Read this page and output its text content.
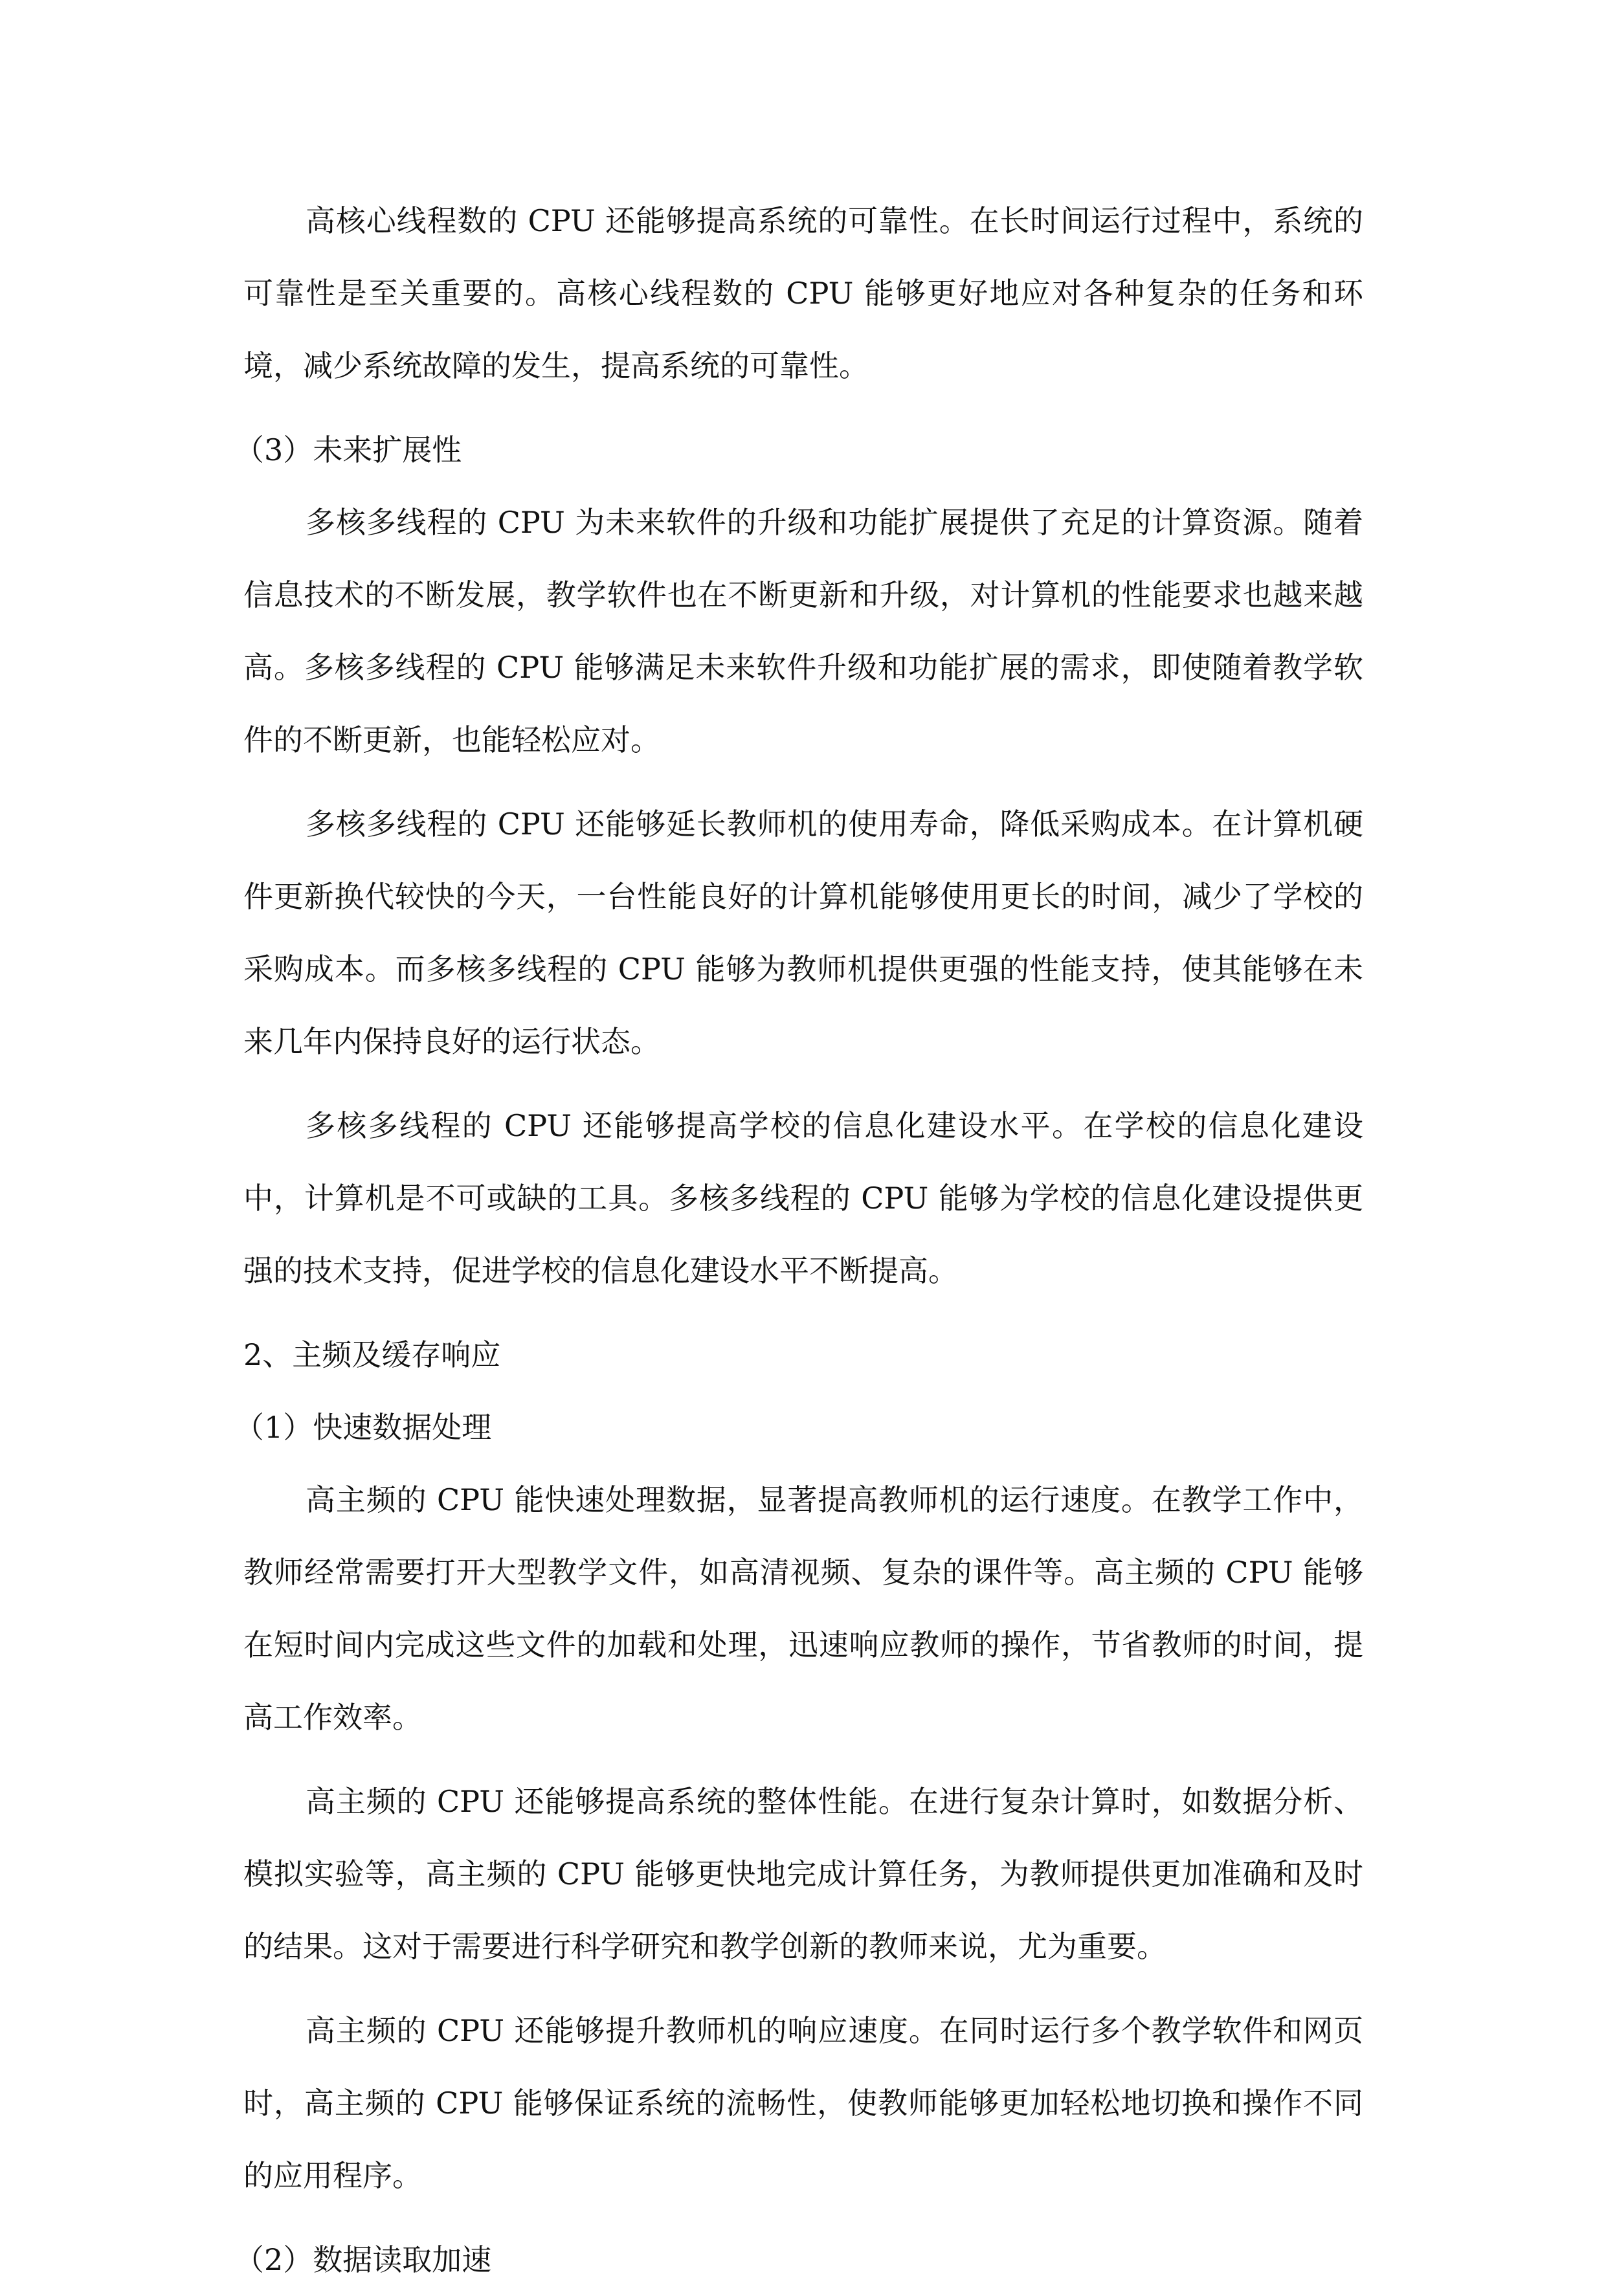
高核心线程数的 CPU 还能够提高系统的可靠性。在长时间运行过程中，系统的可靠性是至关重要的。高核心线程数的 CPU 能够更好地应对各种复杂的任务和环境，减少系统故障的发生，提高系统的可靠性。

（3）未来扩展性

多核多线程的 CPU 为未来软件的升级和功能扩展提供了充足的计算资源。随着信息技术的不断发展，教学软件也在不断更新和升级，对计算机的性能要求也越来越高。多核多线程的 CPU 能够满足未来软件升级和功能扩展的需求，即使随着教学软件的不断更新，也能轻松应对。

多核多线程的 CPU 还能够延长教师机的使用寿命，降低采购成本。在计算机硬件更新换代较快的今天，一台性能良好的计算机能够使用更长的时间，减少了学校的采购成本。而多核多线程的 CPU 能够为教师机提供更强的性能支持，使其能够在未来几年内保持良好的运行状态。

多核多线程的 CPU 还能够提高学校的信息化建设水平。在学校的信息化建设中，计算机是不可或缺的工具。多核多线程的 CPU 能够为学校的信息化建设提供更强的技术支持，促进学校的信息化建设水平不断提高。

2、主频及缓存响应

（1）快速数据处理

高主频的 CPU 能快速处理数据，显著提高教师机的运行速度。在教学工作中，教师经常需要打开大型教学文件，如高清视频、复杂的课件等。高主频的 CPU 能够在短时间内完成这些文件的加载和处理，迅速响应教师的操作，节省教师的时间，提高工作效率。

高主频的 CPU 还能够提高系统的整体性能。在进行复杂计算时，如数据分析、模拟实验等，高主频的 CPU 能够更快地完成计算任务，为教师提供更加准确和及时的结果。这对于需要进行科学研究和教学创新的教师来说，尤为重要。

高主频的 CPU 还能够提升教师机的响应速度。在同时运行多个教学软件和网页时，高主频的 CPU 能够保证系统的流畅性，使教师能够更加轻松地切换和操作不同的应用程序。

（2）数据读取加速
